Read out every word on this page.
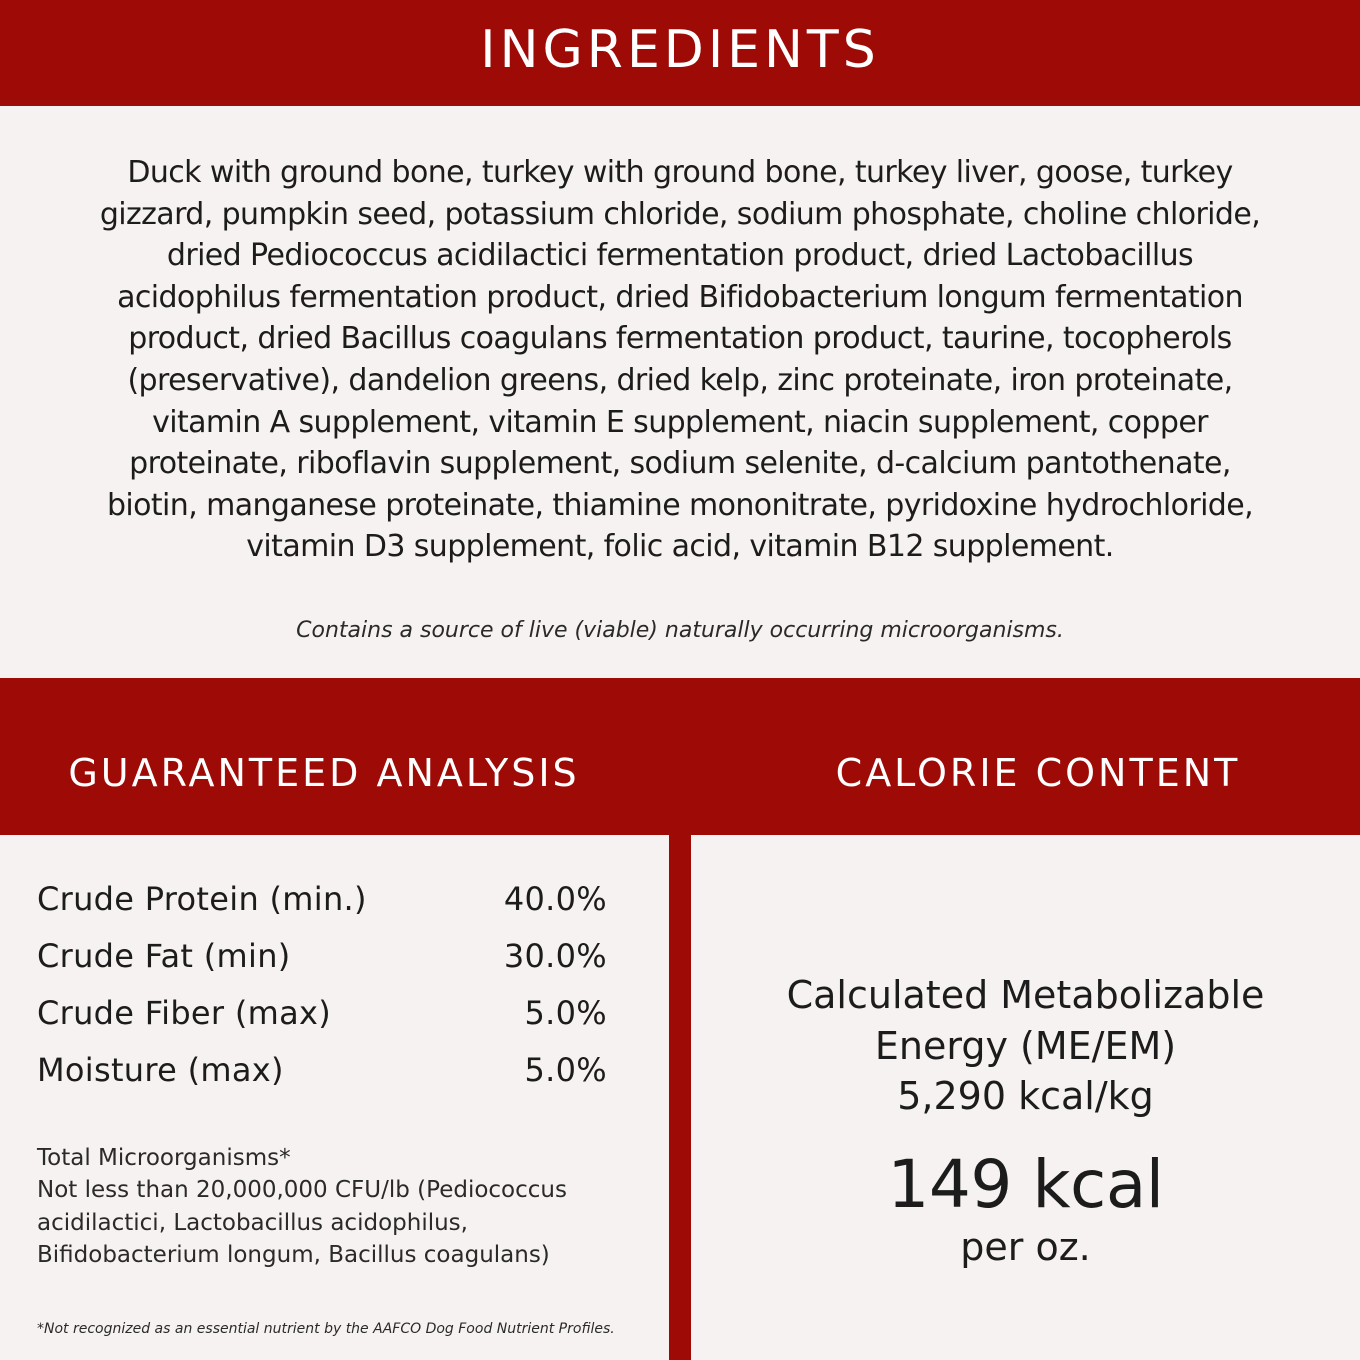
INGREDIENTS
Duck with ground bone, turkey with ground bone, turkey liver, goose, turkey
gizzard, pumpkin seed, potassium chloride, sodium phosphate, choline chloride,
dried Pediococcus acidilactici fermentation product, dried Lactobacillus
acidophilus fermentation product, dried Bifidobacterium longum fermentation
product, dried Bacillus coagulans fermentation product, taurine, tocopherols
(preservative), dandelion greens, dried kelp, zinc proteinate, iron proteinate,
vitamin A supplement, vitamin E supplement, niacin supplement, copper
proteinate, riboflavin supplement, sodium selenite, d-calcium pantothenate,
biotin, manganese proteinate, thiamine mononitrate, pyridoxine hydrochloride,
vitamin D3 supplement, folic acid, vitamin B12 supplement.
Contains a source of live (viable) naturally occurring microorganisms.
GUARANTEED ANALYSIS	CALORIE CONTENT
Crude Protein (min.)	40.0%
Crude Fat (min)	30.0%
Crude Fiber (max)	5.0%
Moisture (max)	5.0%
Total Microorganisms*
Not less than 20,000,000 CFU/lb (Pediococcus
acidilactici, Lactobacillus acidophilus,
Bifidobacterium longum, Bacillus coagulans)
*Not recognized as an essential nutrient by the AAFCO Dog Food Nutrient Profiles.
Calculated Metabolizable
Energy (ME/EM)
5,290 kcal/kg
149 kcal
per oz.
